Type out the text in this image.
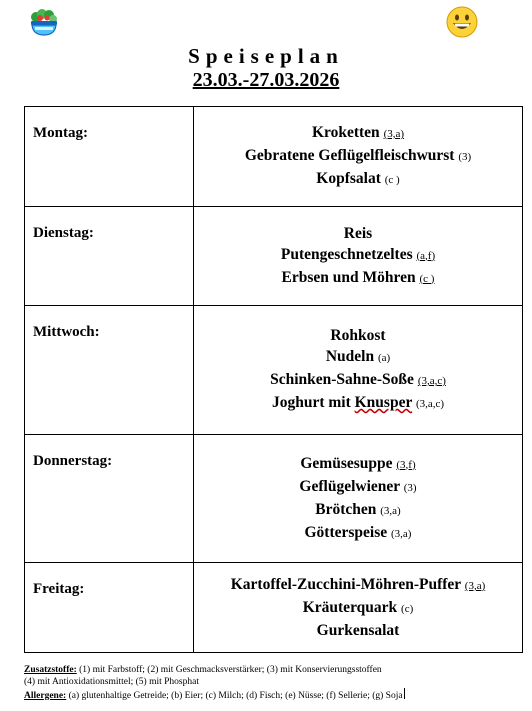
Speiseplan
23.03.-27.03.2026
Montag:	Kroketten (3,a)
Gebratene Geflügelfleischwurst (3)
Kopfsalat (c )

Dienstag:	Reis
Putengeschnetzeltes (a,f)
Erbsen und Möhren (c )

Mittwoch:	Rohkost
Nudeln (a)
Schinken-Sahne-Soße (3,a,c)
Joghurt mit Knusper (3,a,c)

Donnerstag:	Gemüsesuppe (3,f)
Geflügelwiener (3)
Brötchen (3,a)
Götterspeise (3,a)

Freitag:	Kartoffel-Zucchini-Möhren-Puffer (3,a)
Kräuterquark (c)
Gurkensalat
Zusatzstoffe: (1) mit Farbstoff; (2) mit Geschmacksverstärker; (3) mit Konservierungsstoffen
(4) mit Antioxidationsmittel; (5) mit Phosphat
Allergene: (a) glutenhaltige Getreide; (b) Eier; (c) Milch; (d) Fisch; (e) Nüsse; (f) Sellerie; (g) Soja
